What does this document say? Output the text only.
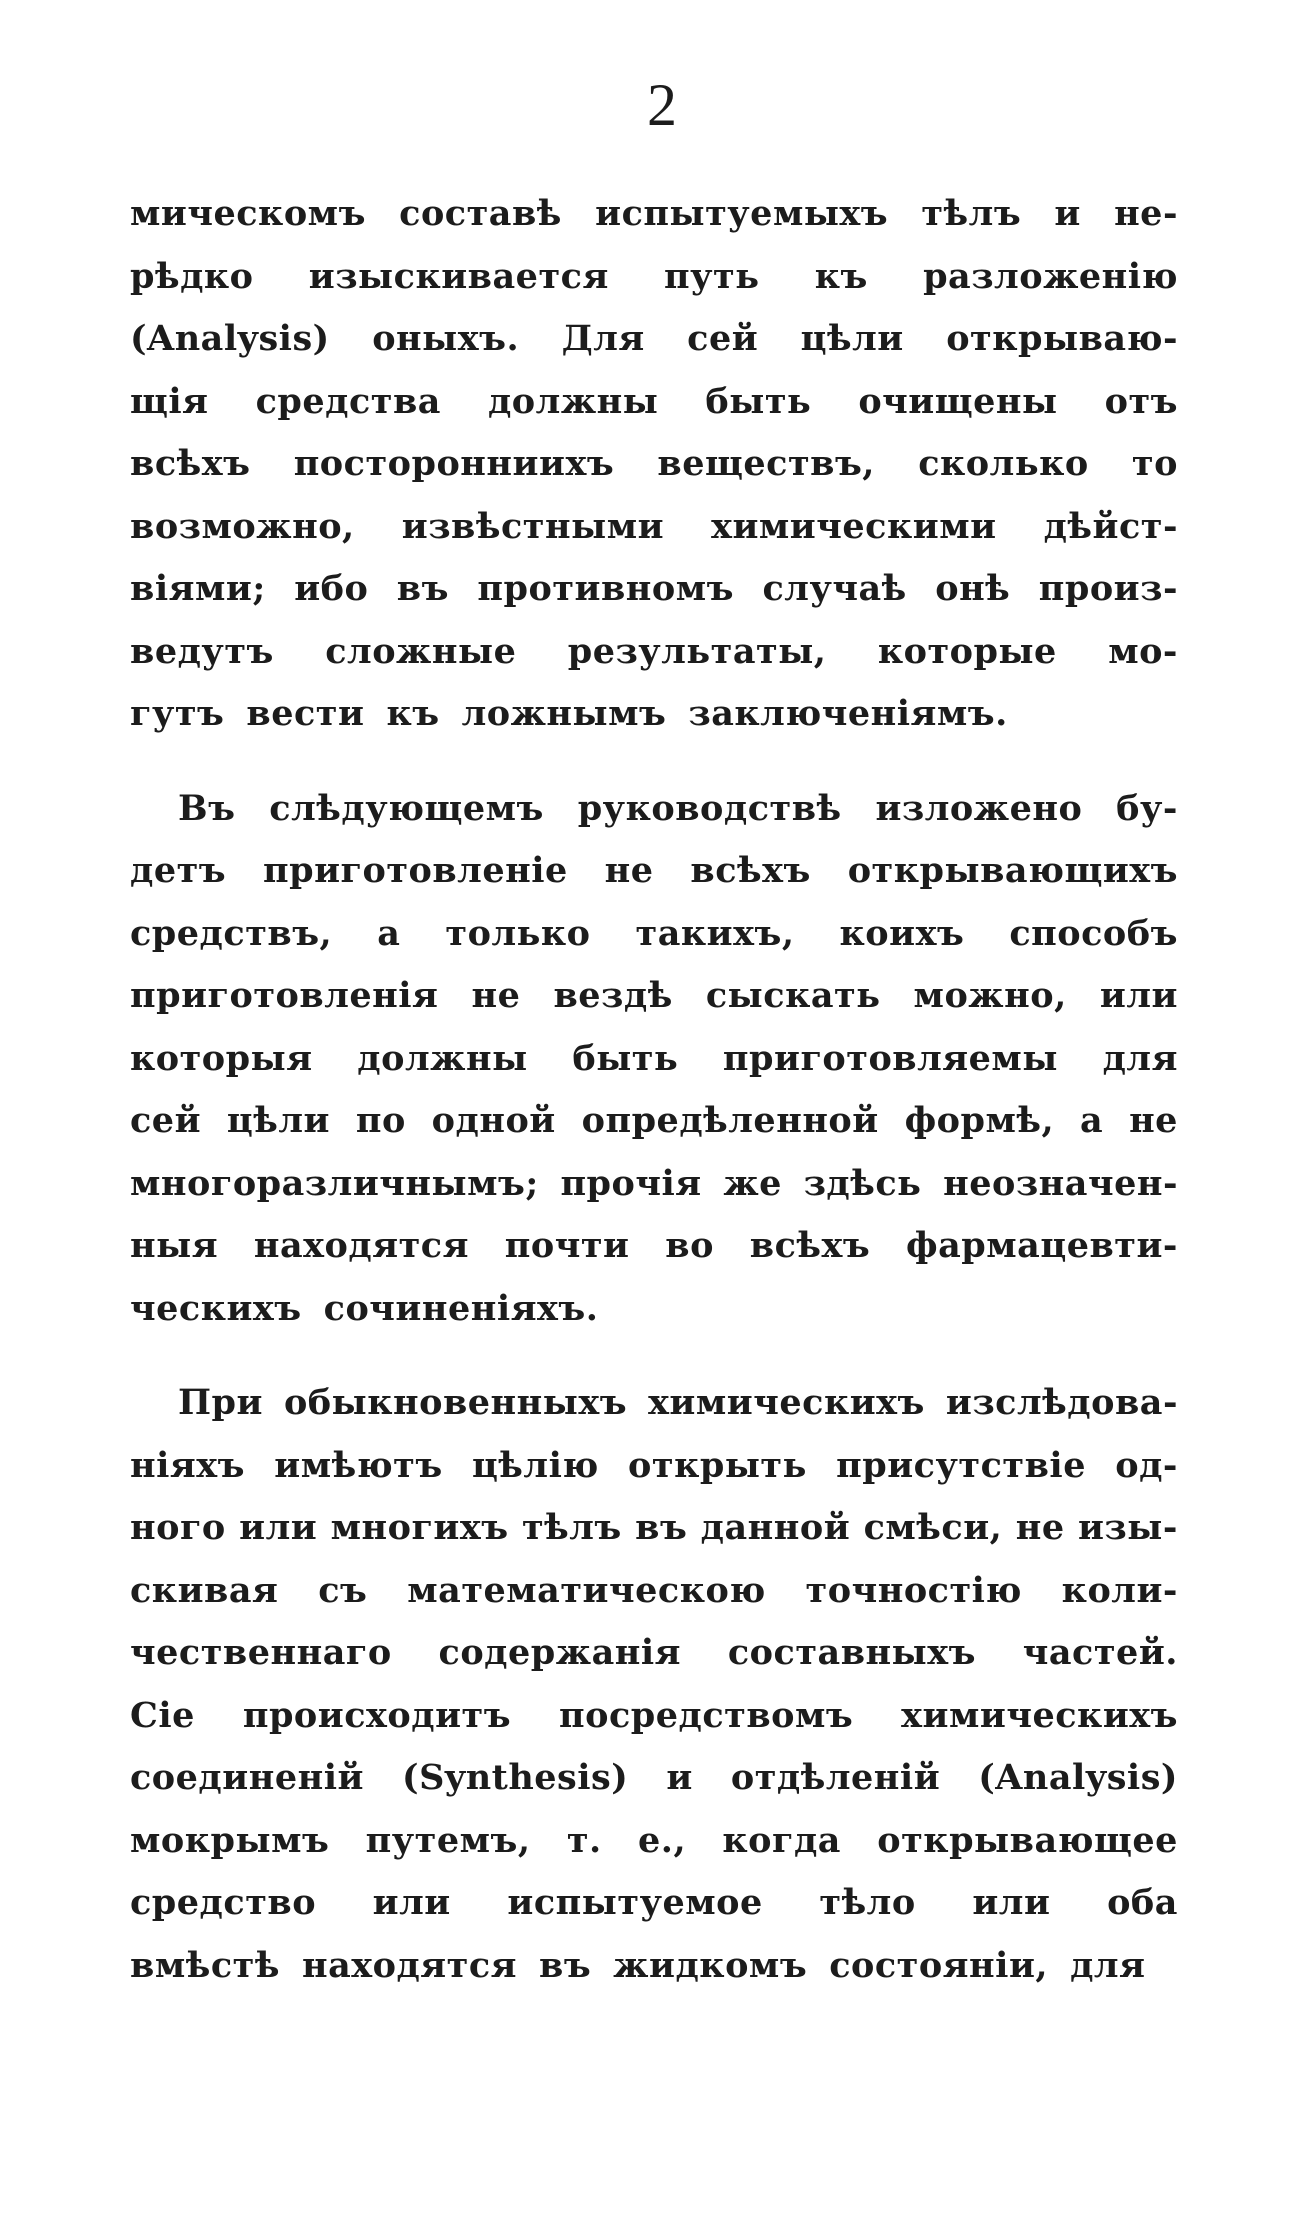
2
мическомъ составѣ испытуемыхъ тѣлъ и не-
рѣдко изыскивается путь къ разложенію
(Analysis) оныхъ. Для сей цѣли открываю-
щія средства должны быть очищены отъ
всѣхъ посторонниихъ веществъ, сколько то
возможно, извѣстными химическими дѣйст-
віями; ибо въ противномъ случаѣ онѣ произ-
ведутъ сложные результаты, которые мо-
гутъ вести къ ложнымъ заключеніямъ.
Въ слѣдующемъ руководствѣ изложено бу-
детъ приготовленіе не всѣхъ открывающихъ
средствъ, а только такихъ, коихъ способъ
приготовленія не вездѣ сыскать можно, или
которыя должны быть приготовляемы для
сей цѣли по одной опредѣленной формѣ, а не
многоразличнымъ; прочія же здѣсь неозначен-
ныя находятся почти во всѣхъ фармацевти-
ческихъ сочиненіяхъ.
При обыкновенныхъ химическихъ изслѣдова-
ніяхъ имѣютъ цѣлію открыть присутствіе од-
ного или многихъ тѣлъ въ данной смѣси, не изы-
скивая съ математическою точностію коли-
чественнаго содержанія составныхъ частей.
Сіе происходитъ посредствомъ химическихъ
соединеній (Synthesis) и отдѣленій (Analysis)
мокрымъ путемъ, т. е., когда открывающее
средство или испытуемое тѣло или оба
вмѣстѣ находятся въ жидкомъ состояніи, для
